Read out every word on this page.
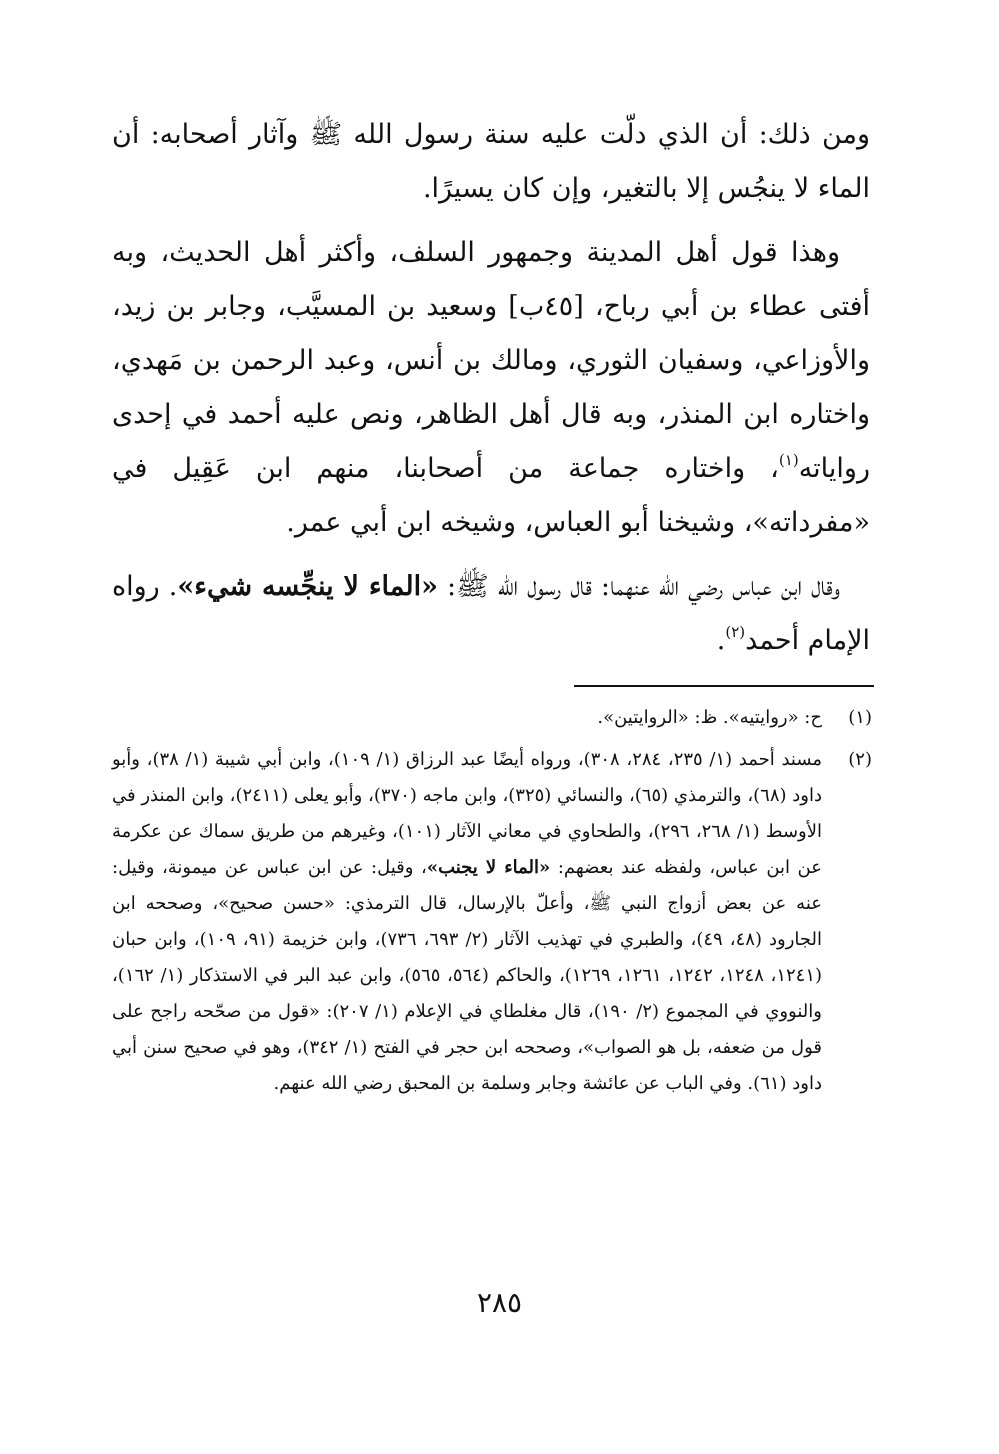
ومن ذلك: أن الذي دلّت عليه سنة رسول الله ﷺ وآثار أصحابه: أن الماء لا ينجُس إلا بالتغير، وإن كان يسيرًا.

وهذا قول أهل المدينة وجمهور السلف، وأكثر أهل الحديث، وبه أفتى عطاء بن أبي رباح، [٤٥ب] وسعيد بن المسيَّب، وجابر بن زيد، والأوزاعي، وسفيان الثوري، ومالك بن أنس، وعبد الرحمن بن مَهدي، واختاره ابن المنذر، وبه قال أهل الظاهر، ونص عليه أحمد في إحدى رواياته$^{(١)}$، واختاره جماعة من أصحابنا، منهم ابن عَقِيل في «مفرداته»، وشيخنا أبو العباس، وشيخه ابن أبي عمر.

وقال ابن عباس رضي الله عنهما: قال رسول الله ﷺ: «الماء لا ينجِّسه شيء». رواه الإمام أحمد$^{(٢)}$.

(١)
ح: «روايتيه». ظ: «الروايتين».
(٢)
مسند أحمد (١/ ٢٣٥، ٢٨٤، ٣٠٨)، ورواه أيضًا عبد الرزاق (١/ ١٠٩)، وابن أبي شيبة (١/ ٣٨)، وأبو داود (٦٨)، والترمذي (٦٥)، والنسائي (٣٢٥)، وابن ماجه (٣٧٠)، وأبو يعلى (٢٤١١)، وابن المنذر في الأوسط (١/ ٢٦٨، ٢٩٦)، والطحاوي في معاني الآثار (١٠١)، وغيرهم من طريق سماك عن عكرمة عن ابن عباس، ولفظه عند بعضهم: «الماء لا يجنب»، وقيل: عن ابن عباس عن ميمونة، وقيل: عنه عن بعض أزواج النبي ﷺ، وأعلّ بالإرسال، قال الترمذي: «حسن صحيح»، وصححه ابن الجارود (٤٨، ٤٩)، والطبري في تهذيب الآثار (٢/ ٦٩٣، ٧٣٦)، وابن خزيمة (٩١، ١٠٩)، وابن حبان (١٢٤١، ١٢٤٨، ١٢٤٢، ١٢٦١، ١٢٦٩)، والحاكم (٥٦٤، ٥٦٥)، وابن عبد البر في الاستذكار (١/ ١٦٢)، والنووي في المجموع (٢/ ١٩٠)، قال مغلطاي في الإعلام (١/ ٢٠٧): «قول من صحّحه راجح على قول من ضعفه، بل هو الصواب»، وصححه ابن حجر في الفتح (١/ ٣٤٢)، وهو في صحيح سنن أبي داود (٦١). وفي الباب عن عائشة وجابر وسلمة بن المحبق رضي الله عنهم.
٢٨٥
